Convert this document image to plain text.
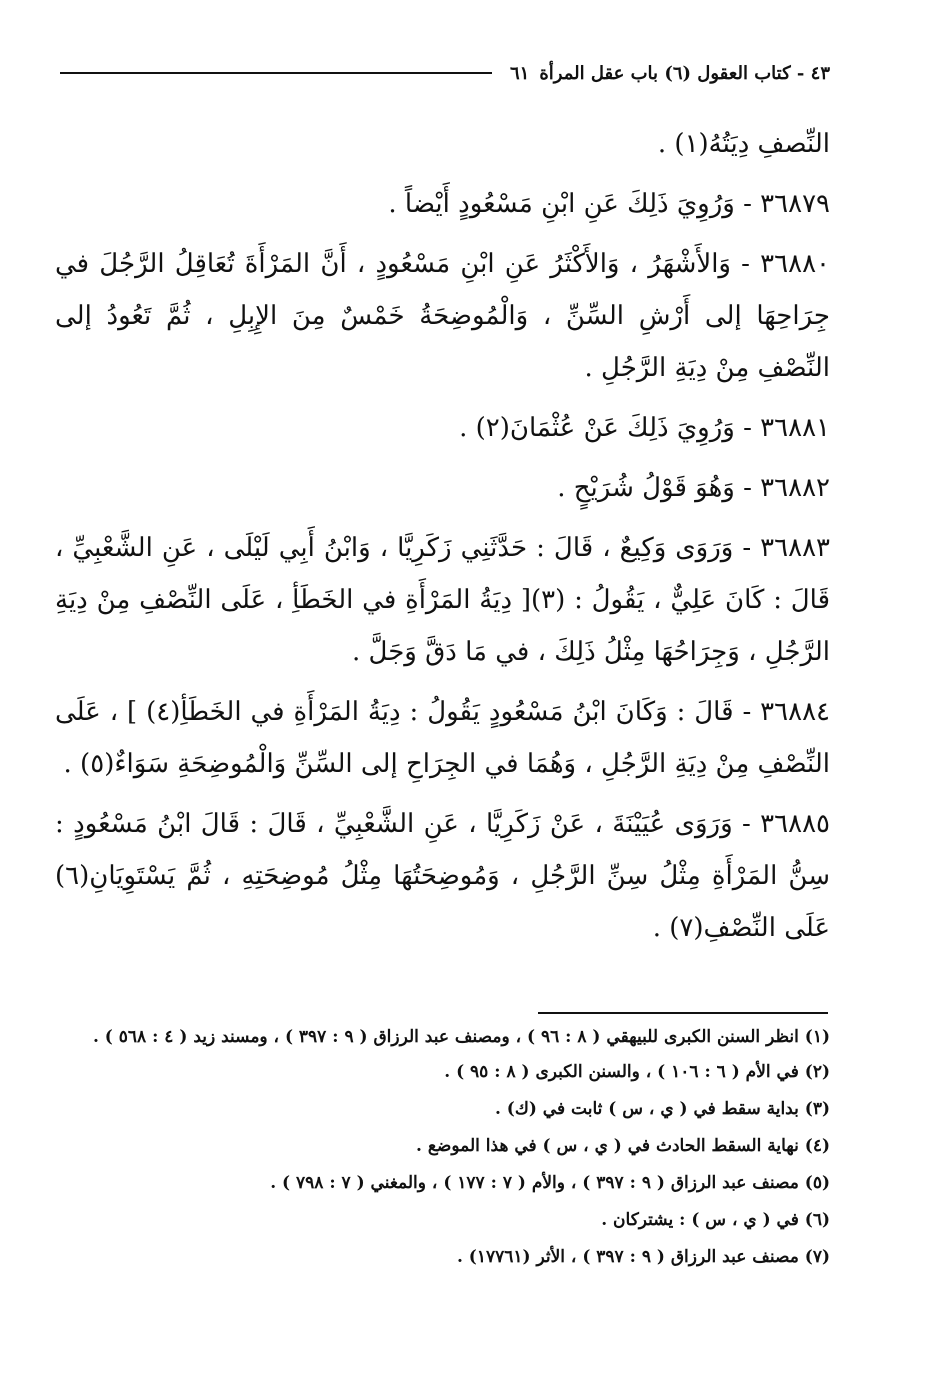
٤٣ - كتاب العقول (٦) باب عقل المرأة
٦١

النِّصفِ دِيَتُهُ(١) .

٣٦٨٧٩ - وَرُوِيَ ذَلِكَ عَنِ ابْنِ مَسْعُودٍ أَيْضاً .

٣٦٨٨٠ - وَالأَشْهَرُ ، وَالأَكْثَرُ عَنِ ابْنِ مَسْعُودٍ ، أَنَّ المَرْأَةَ تُعَاقِلُ الرَّجُلَ في جِرَاحِهَا إلى أَرْشِ السِّنِّ ، وَالْمُوضِحَةُ خَمْسٌ مِنَ الإِبِلِ ، ثُمَّ تَعُودُ إلى النِّصْفِ مِنْ دِيَةِ الرَّجُلِ .

٣٦٨٨١ - وَرُوِيَ ذَلِكَ عَنْ عُثْمَانَ(٢) .

٣٦٨٨٢ - وَهُوَ قَوْلُ شُرَيْحٍ .

٣٦٨٨٣ - وَرَوَى وَكِيعٌ ، قَالَ : حَدَّثَنِي زَكَرِيَّا ، وَابْنُ أَبِي لَيْلَى ، عَنِ الشَّعْبِيِّ ، قَالَ : كَانَ عَلِيٌّ ، يَقُولُ : (٣)[ دِيَةُ المَرْأَةِ في الخَطَأِ ، عَلَى النِّصْفِ مِنْ دِيَةِ الرَّجُلِ ، وَجِرَاحُهَا مِثْلُ ذَلِكَ ، في مَا دَقَّ وَجَلَّ .

٣٦٨٨٤ - قَالَ : وَكَانَ ابْنُ مَسْعُودٍ يَقُولُ : دِيَةُ المَرْأَةِ في الخَطَأِ(٤) ] ، عَلَى النِّصْفِ مِنْ دِيَةِ الرَّجُلِ ، وَهُمَا في الجِرَاحِ إلى السِّنِّ وَالْمُوضِحَةِ سَوَاءٌ(٥) .

٣٦٨٨٥ - وَرَوَى عُيَيْنَةَ ، عَنْ زَكَرِيَّا ، عَنِ الشَّعْبِيِّ ، قَالَ : قَالَ ابْنُ مَسْعُودٍ : سِنُّ المَرْأَةِ مِثْلُ سِنِّ الرَّجُلِ ، وَمُوضِحَتُهَا مِثْلُ مُوضِحَتِهِ ، ثُمَّ يَسْتَوِيَانِ(٦) عَلَى النِّصْفِ(٧) .

(١) انظر السنن الكبرى للبيهقي ( ٨ : ٩٦ ) ، ومصنف عبد الرزاق ( ٩ : ٣٩٧ ) ، ومسند زيد ( ٤ : ٥٦٨ ) .

(٢) في الأم ( ٦ : ١٠٦ ) ، والسنن الكبرى ( ٨ : ٩٥ ) .

(٣) بداية سقط في ( ي ، س ) ثابت في (ك) .

(٤) نهاية السقط الحادث في ( ي ، س ) في هذا الموضع .

(٥) مصنف عبد الرزاق ( ٩ : ٣٩٧ ) ، والأم ( ٧ : ١٧٧ ) ، والمغني ( ٧ : ٧٩٨ ) .

(٦) في ( ي ، س ) : يشتركان .

(٧) مصنف عبد الرزاق ( ٩ : ٣٩٧ ) ، الأثر (١٧٧٦١) .
